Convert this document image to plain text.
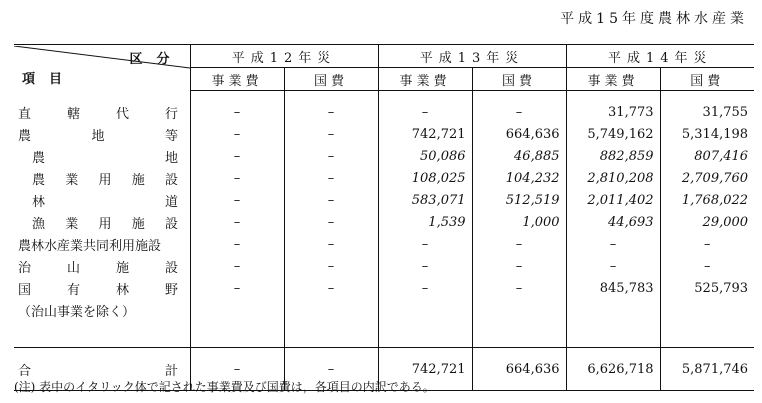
平成15年度農林水産業
区分
項目	平成12年災		平成13年災		平成14年災	
	事業費	国費	事業費	国費	事業費	国費

直 轄 代 行	–	–	–	–	31,773	31,755

農 地 等	–	–	742,721	664,636	5,749,162	5,314,198

農 地	–	–	50,086	46,885	882,859	807,416

農 業 用 施 設	–	–	108,025	104,232	2,810,208	2,709,760

林 道	–	–	583,071	512,519	2,011,402	1,768,022

漁 業 用 施 設	–	–	1,539	1,000	44,693	29,000
農林水産業共同利用施設	–	–	–	–	–	–

治 山 施 設	–	–	–	–	–	–

国 有 林 野	–	–	–	–	845,783	525,793
（治山事業を除く）						

合 計	–	–	742,721	664,636	6,626,718	5,871,746
(注) 表中のイタリック体で記された事業費及び国費は，各項目の内訳である。
